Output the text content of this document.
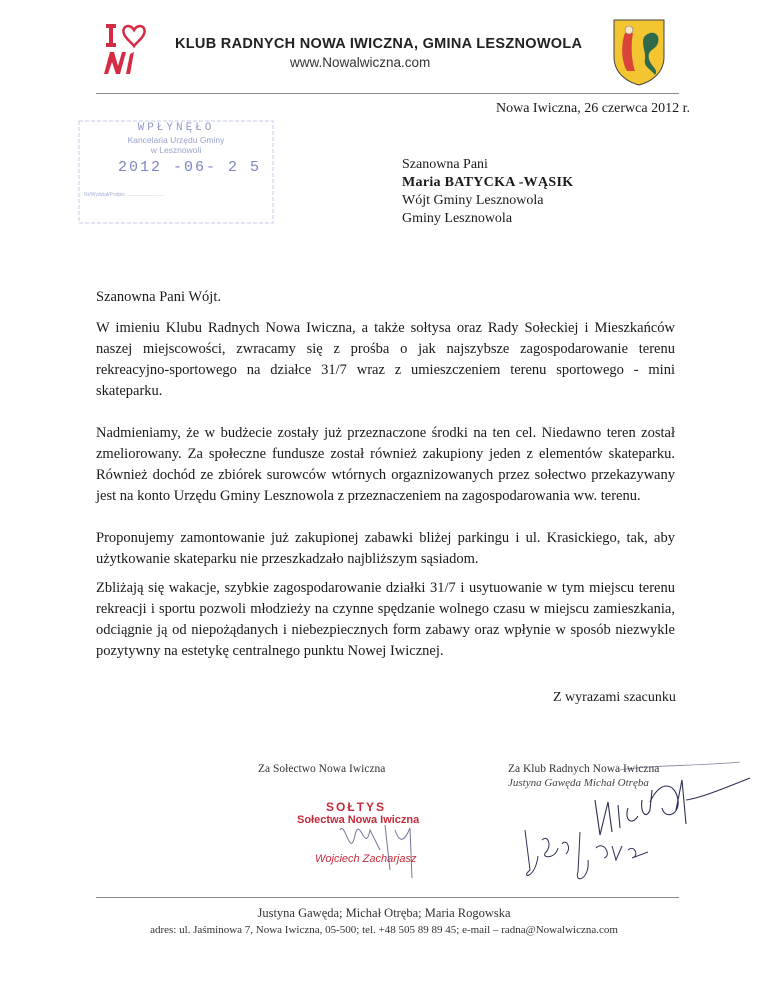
KLUB RADNYCH NOWA IWICZNA, GMINA LESZNOWOLA
www.Nowalwiczna.com
Nowa Iwiczna, 26 czerwca 2012 r.
WPŁYNĘŁO
Kancelaria Urzędu Gminy
w Lesznowoli
2012 -06- 2 5
Nr/Wydział/Podpis ...........................
Szanowna Pani
Maria BATYCKA -WĄSIK
Wójt Gminy Lesznowola
Gminy Lesznowola
Szanowna Pani Wójt.
W imieniu Klubu Radnych Nowa Iwiczna, a także sołtysa oraz Rady Sołeckiej i Mieszkańców naszej miejscowości, zwracamy się z prośba o jak najszybsze zagospodarowanie terenu rekreacyjno-sportowego na działce 31/7 wraz z umieszczeniem terenu sportowego - mini skateparku.
Nadmieniamy, że w budżecie zostały już przeznaczone środki na ten cel. Niedawno teren został zmeliorowany. Za społeczne fundusze został również zakupiony jeden z elementów skateparku. Również dochód ze zbiórek surowców wtórnych orgaznizowanych przez sołectwo przekazywany jest na konto Urzędu Gminy Lesznowola z przeznaczeniem na zagospodarowania ww. terenu.
Proponujemy zamontowanie już zakupionej zabawki bliżej parkingu i ul. Krasickiego, tak, aby użytkowanie skateparku nie przeszkadzało najbliższym sąsiadom.
Zbliżają się wakacje, szybkie zagospodarowanie działki 31/7 i usytuowanie w tym miejscu terenu rekreacji i sportu pozwoli młodzieży na czynne spędzanie wolnego czasu w miejscu zamieszkania, odciągnie ją od niepożądanych i niebezpiecznych form zabawy oraz wpłynie w sposób niezwykle pozytywny na estetykę centralnego punktu Nowej Iwicznej.
Z wyrazami szacunku
Za Sołectwo Nowa Iwiczna	Za Klub Radnych Nowa Iwiczna
Justyna Gawęda Michał Otręba
SOŁTYS
Sołectwa Nowa Iwiczna
Wojciech Zacharjasz
Justyna Gawęda; Michał Otręba; Maria Rogowska
adres: ul. Jaśminowa 7, Nowa Iwiczna, 05-500; tel. +48 505 89 89 45; e-mail – radna@Nowalwiczna.com
